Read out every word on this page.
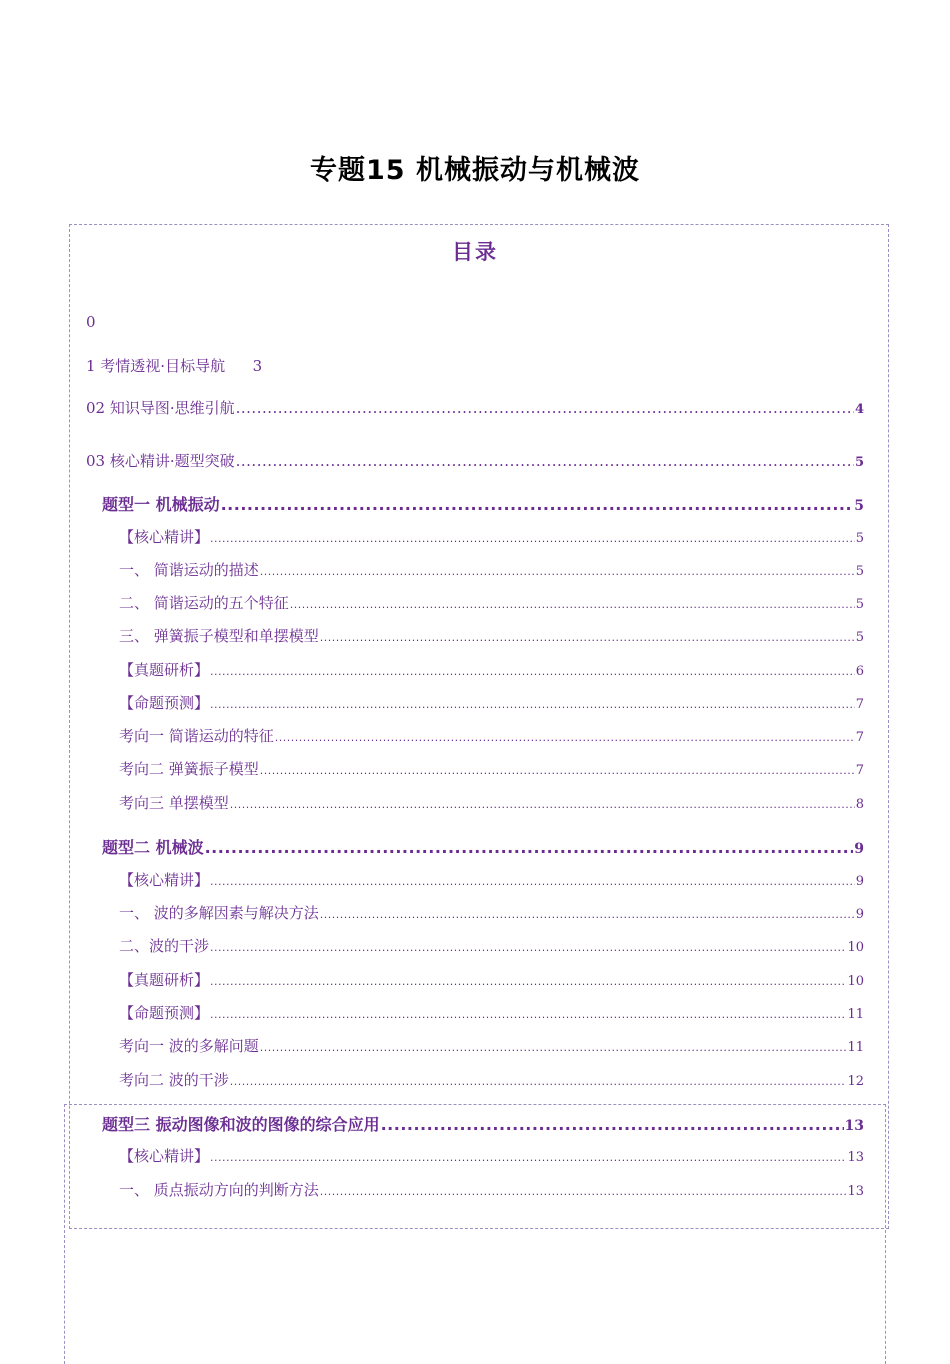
专题15 机械振动与机械波
目录
0
1 考情透视·目标导航 3
02 知识导图·思维引航 .....	4
03 核心精讲·题型突破 .....	5
题型一 机械振动 .....	5
【核心精讲】 .....	5
一、 简谐运动的描述 .....	5
二、 简谐运动的五个特征 .....	5
三、 弹簧振子模型和单摆模型 .....	5
【真题研析】 .....	6
【命题预测】 .....	7
考向一 简谐运动的特征 .....	7
考向二 弹簧振子模型 .....	7
考向三 单摆模型 .....	8
题型二 机械波 .....	9
【核心精讲】 .....	9
一、 波的多解因素与解决方法 .....	9
二、波的干涉 .....	10
【真题研析】 .....	10
【命题预测】 .....	11
考向一 波的多解问题 .....	11
考向二 波的干涉 .....	12
题型三 振动图像和波的图像的综合应用 .....	13
【核心精讲】 .....	13
一、 质点振动方向的判断方法 .....	13
